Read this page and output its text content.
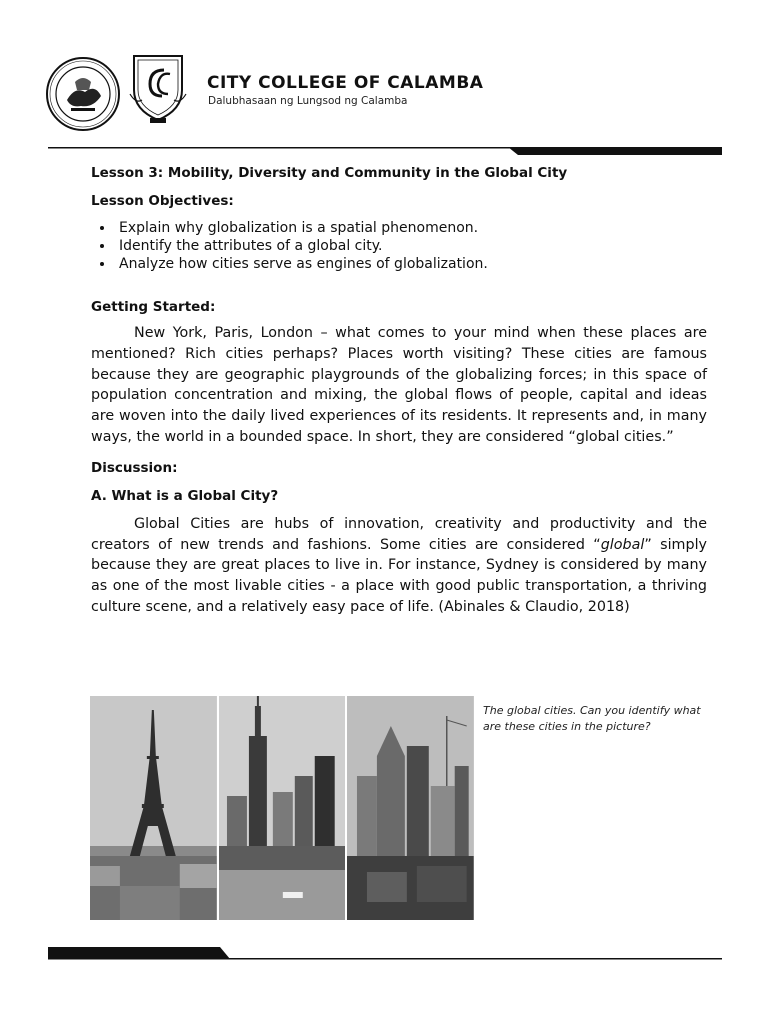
CITY COLLEGE OF CALAMBA
Dalubhasaan ng Lungsod ng Calamba
Lesson 3: Mobility, Diversity and Community in the Global City
Lesson Objectives:
• Explain why globalization is a spatial phenomenon.
• Identify the attributes of a global city.
• Analyze how cities serve as engines of globalization.
Getting Started:

New York, Paris, London – what comes to your mind when these places are mentioned? Rich cities perhaps? Places worth visiting? These cities are famous because they are geographic playgrounds of the globalizing forces; in this space of population concentration and mixing, the global flows of people, capital and ideas are woven into the daily lived experiences of its residents. It represents and, in many ways, the world in a bounded space. In short, they are considered “global cities.”

Discussion:
A. What is a Global City?

Global Cities are hubs of innovation, creativity and productivity and the creators of new trends and fashions. Some cities are considered “global” simply because they are great places to live in. For instance, Sydney is considered by many as one of the most livable cities - a place with good public transportation, a thriving culture scene, and a relatively easy pace of life. (Abinales & Claudio, 2018)

The global cities. Can you identify what are these cities in the picture?
